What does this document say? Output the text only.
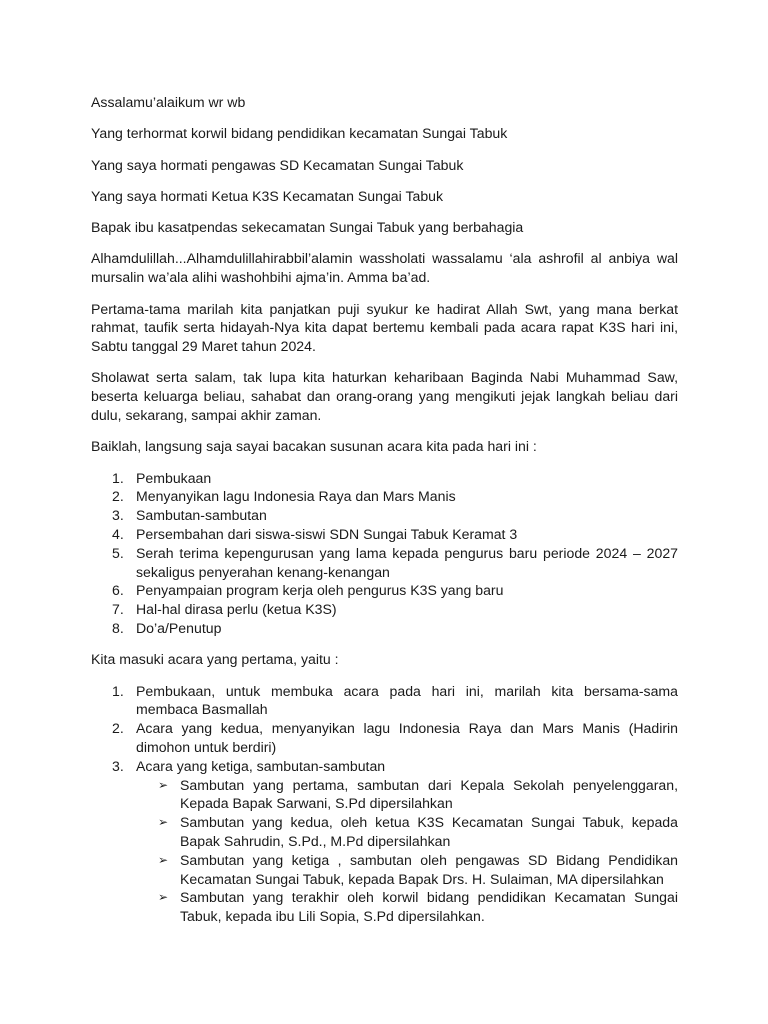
Assalamu’alaikum wr wb

Yang terhormat korwil bidang pendidikan kecamatan Sungai Tabuk

Yang saya hormati pengawas SD Kecamatan Sungai Tabuk

Yang saya hormati Ketua K3S Kecamatan Sungai Tabuk

Bapak ibu kasatpendas sekecamatan Sungai Tabuk yang berbahagia

Alhamdulillah...Alhamdulillahirabbil’alamin wassholati wassalamu ‘ala ashrofil al anbiya wal mursalin wa’ala alihi washohbihi ajma’in. Amma ba’ad.

Pertama-tama marilah kita panjatkan puji syukur ke hadirat Allah Swt, yang mana berkat rahmat, taufik serta hidayah-Nya kita dapat bertemu kembali pada acara rapat K3S hari ini, Sabtu tanggal 29 Maret tahun 2024.

Sholawat serta salam, tak lupa kita haturkan keharibaan Baginda Nabi Muhammad Saw, beserta keluarga beliau, sahabat dan orang-orang yang mengikuti jejak langkah beliau dari dulu, sekarang, sampai akhir zaman.

Baiklah, langsung saja sayai bacakan susunan acara kita pada hari ini :

1. Pembukaan
2. Menyanyikan lagu Indonesia Raya dan Mars Manis
3. Sambutan-sambutan
4. Persembahan dari siswa-siswi SDN Sungai Tabuk Keramat 3
5. Serah terima kepengurusan yang lama kepada pengurus baru periode 2024 – 2027 sekaligus penyerahan kenang-kenangan
6. Penyampaian program kerja oleh pengurus K3S yang baru
7. Hal-hal dirasa perlu (ketua K3S)
8. Do’a/Penutup

Kita masuki acara yang pertama, yaitu :

1. Pembukaan, untuk membuka acara pada hari ini, marilah kita bersama-sama membaca Basmallah
2. Acara yang kedua, menyanyikan lagu Indonesia Raya dan Mars Manis (Hadirin dimohon untuk berdiri)
3. Acara yang ketiga, sambutan-sambutan
➢ Sambutan yang pertama, sambutan dari Kepala Sekolah penyelenggaran, Kepada Bapak Sarwani, S.Pd dipersilahkan
➢ Sambutan yang kedua, oleh ketua K3S Kecamatan Sungai Tabuk, kepada Bapak Sahrudin, S.Pd., M.Pd dipersilahkan
➢ Sambutan yang ketiga , sambutan oleh pengawas SD Bidang Pendidikan Kecamatan Sungai Tabuk, kepada Bapak Drs. H. Sulaiman, MA dipersilahkan
➢ Sambutan yang terakhir oleh korwil bidang pendidikan Kecamatan Sungai Tabuk, kepada ibu Lili Sopia, S.Pd dipersilahkan.
